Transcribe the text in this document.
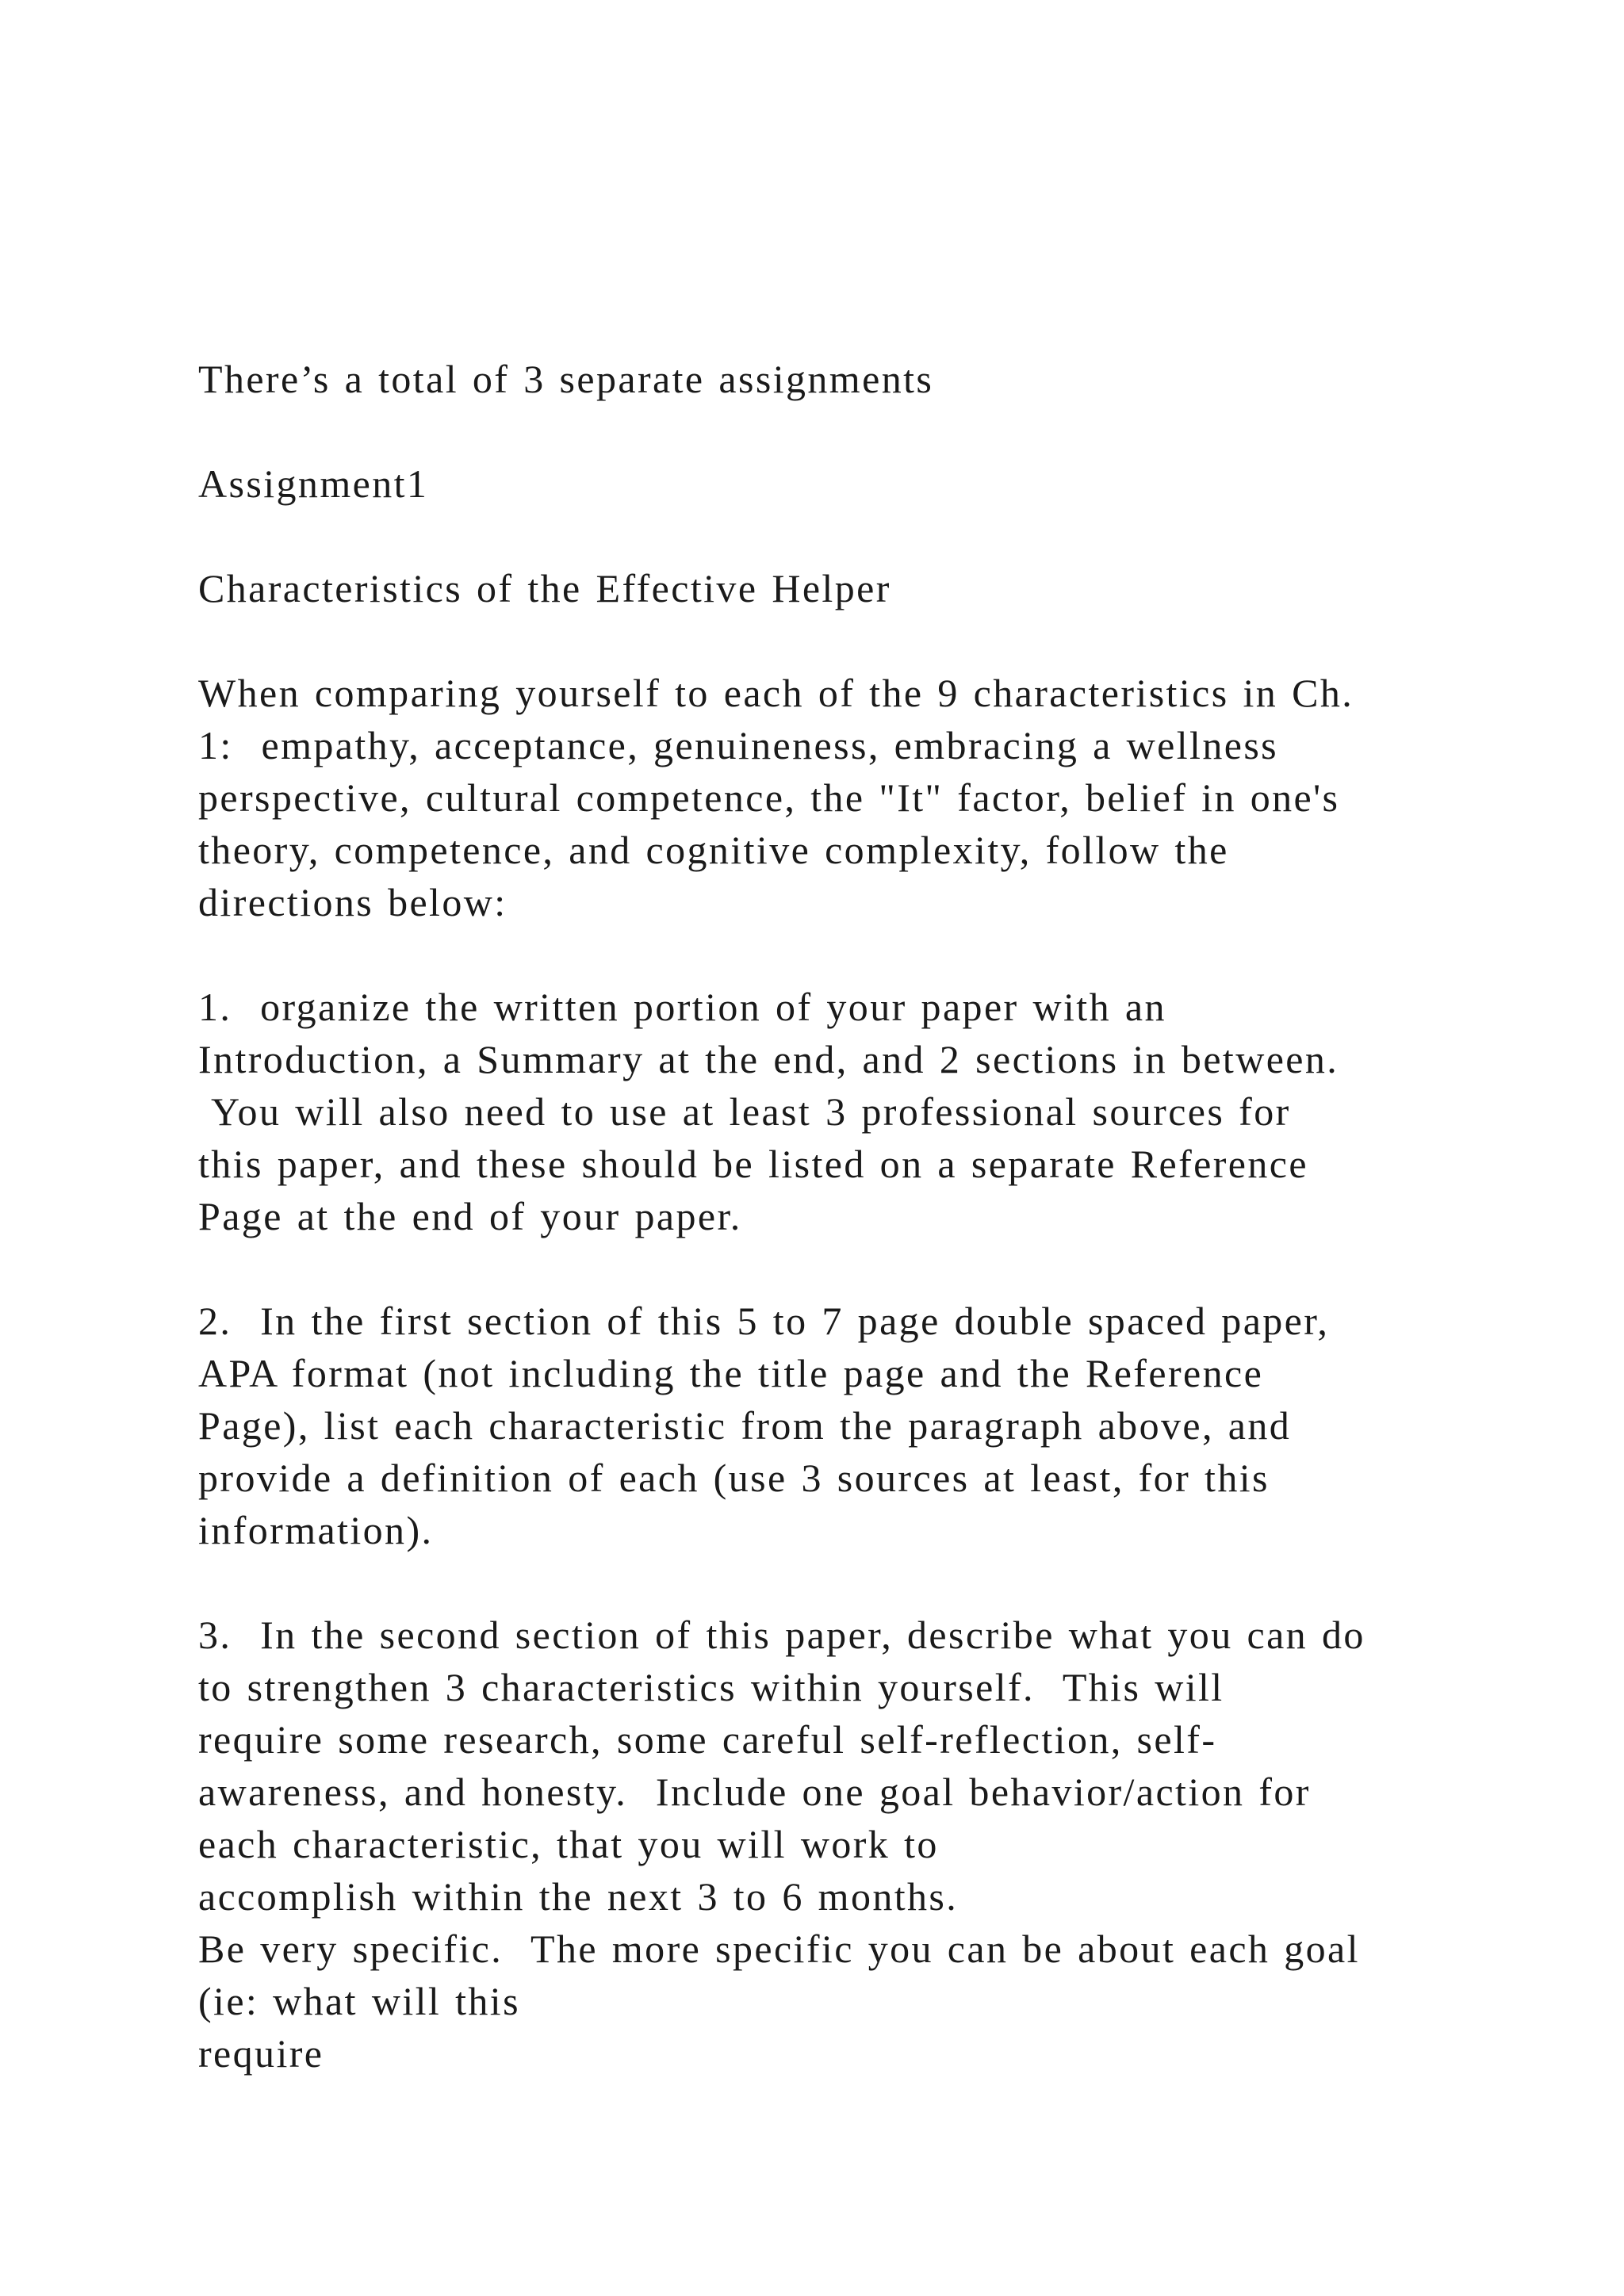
There’s a total of 3 separate assignments
Assignment1
Characteristics of the Effective Helper
When comparing yourself to each of the 9 characteristics in Ch.
1:  empathy, acceptance, genuineness, embracing a wellness
perspective, cultural competence, the "It" factor, belief in one's
theory, competence, and cognitive complexity, follow the
directions below:
1.  organize the written portion of your paper with an
Introduction, a Summary at the end, and 2 sections in between.
You will also need to use at least 3 professional sources for
this paper, and these should be listed on a separate Reference
Page at the end of your paper.
2.  In the first section of this 5 to 7 page double spaced paper,
APA format (not including the title page and the Reference
Page), list each characteristic from the paragraph above, and
provide a definition of each (use 3 sources at least, for this
information).
3.  In the second section of this paper, describe what you can do
to strengthen 3 characteristics within yourself.  This will
require some research, some careful self-reflection, self-
awareness, and honesty.  Include one goal behavior/action for
each characteristic, that you will work to
accomplish within the next 3 to 6 months.
Be very specific.  The more specific you can be about each goal
(ie: what will this
require
